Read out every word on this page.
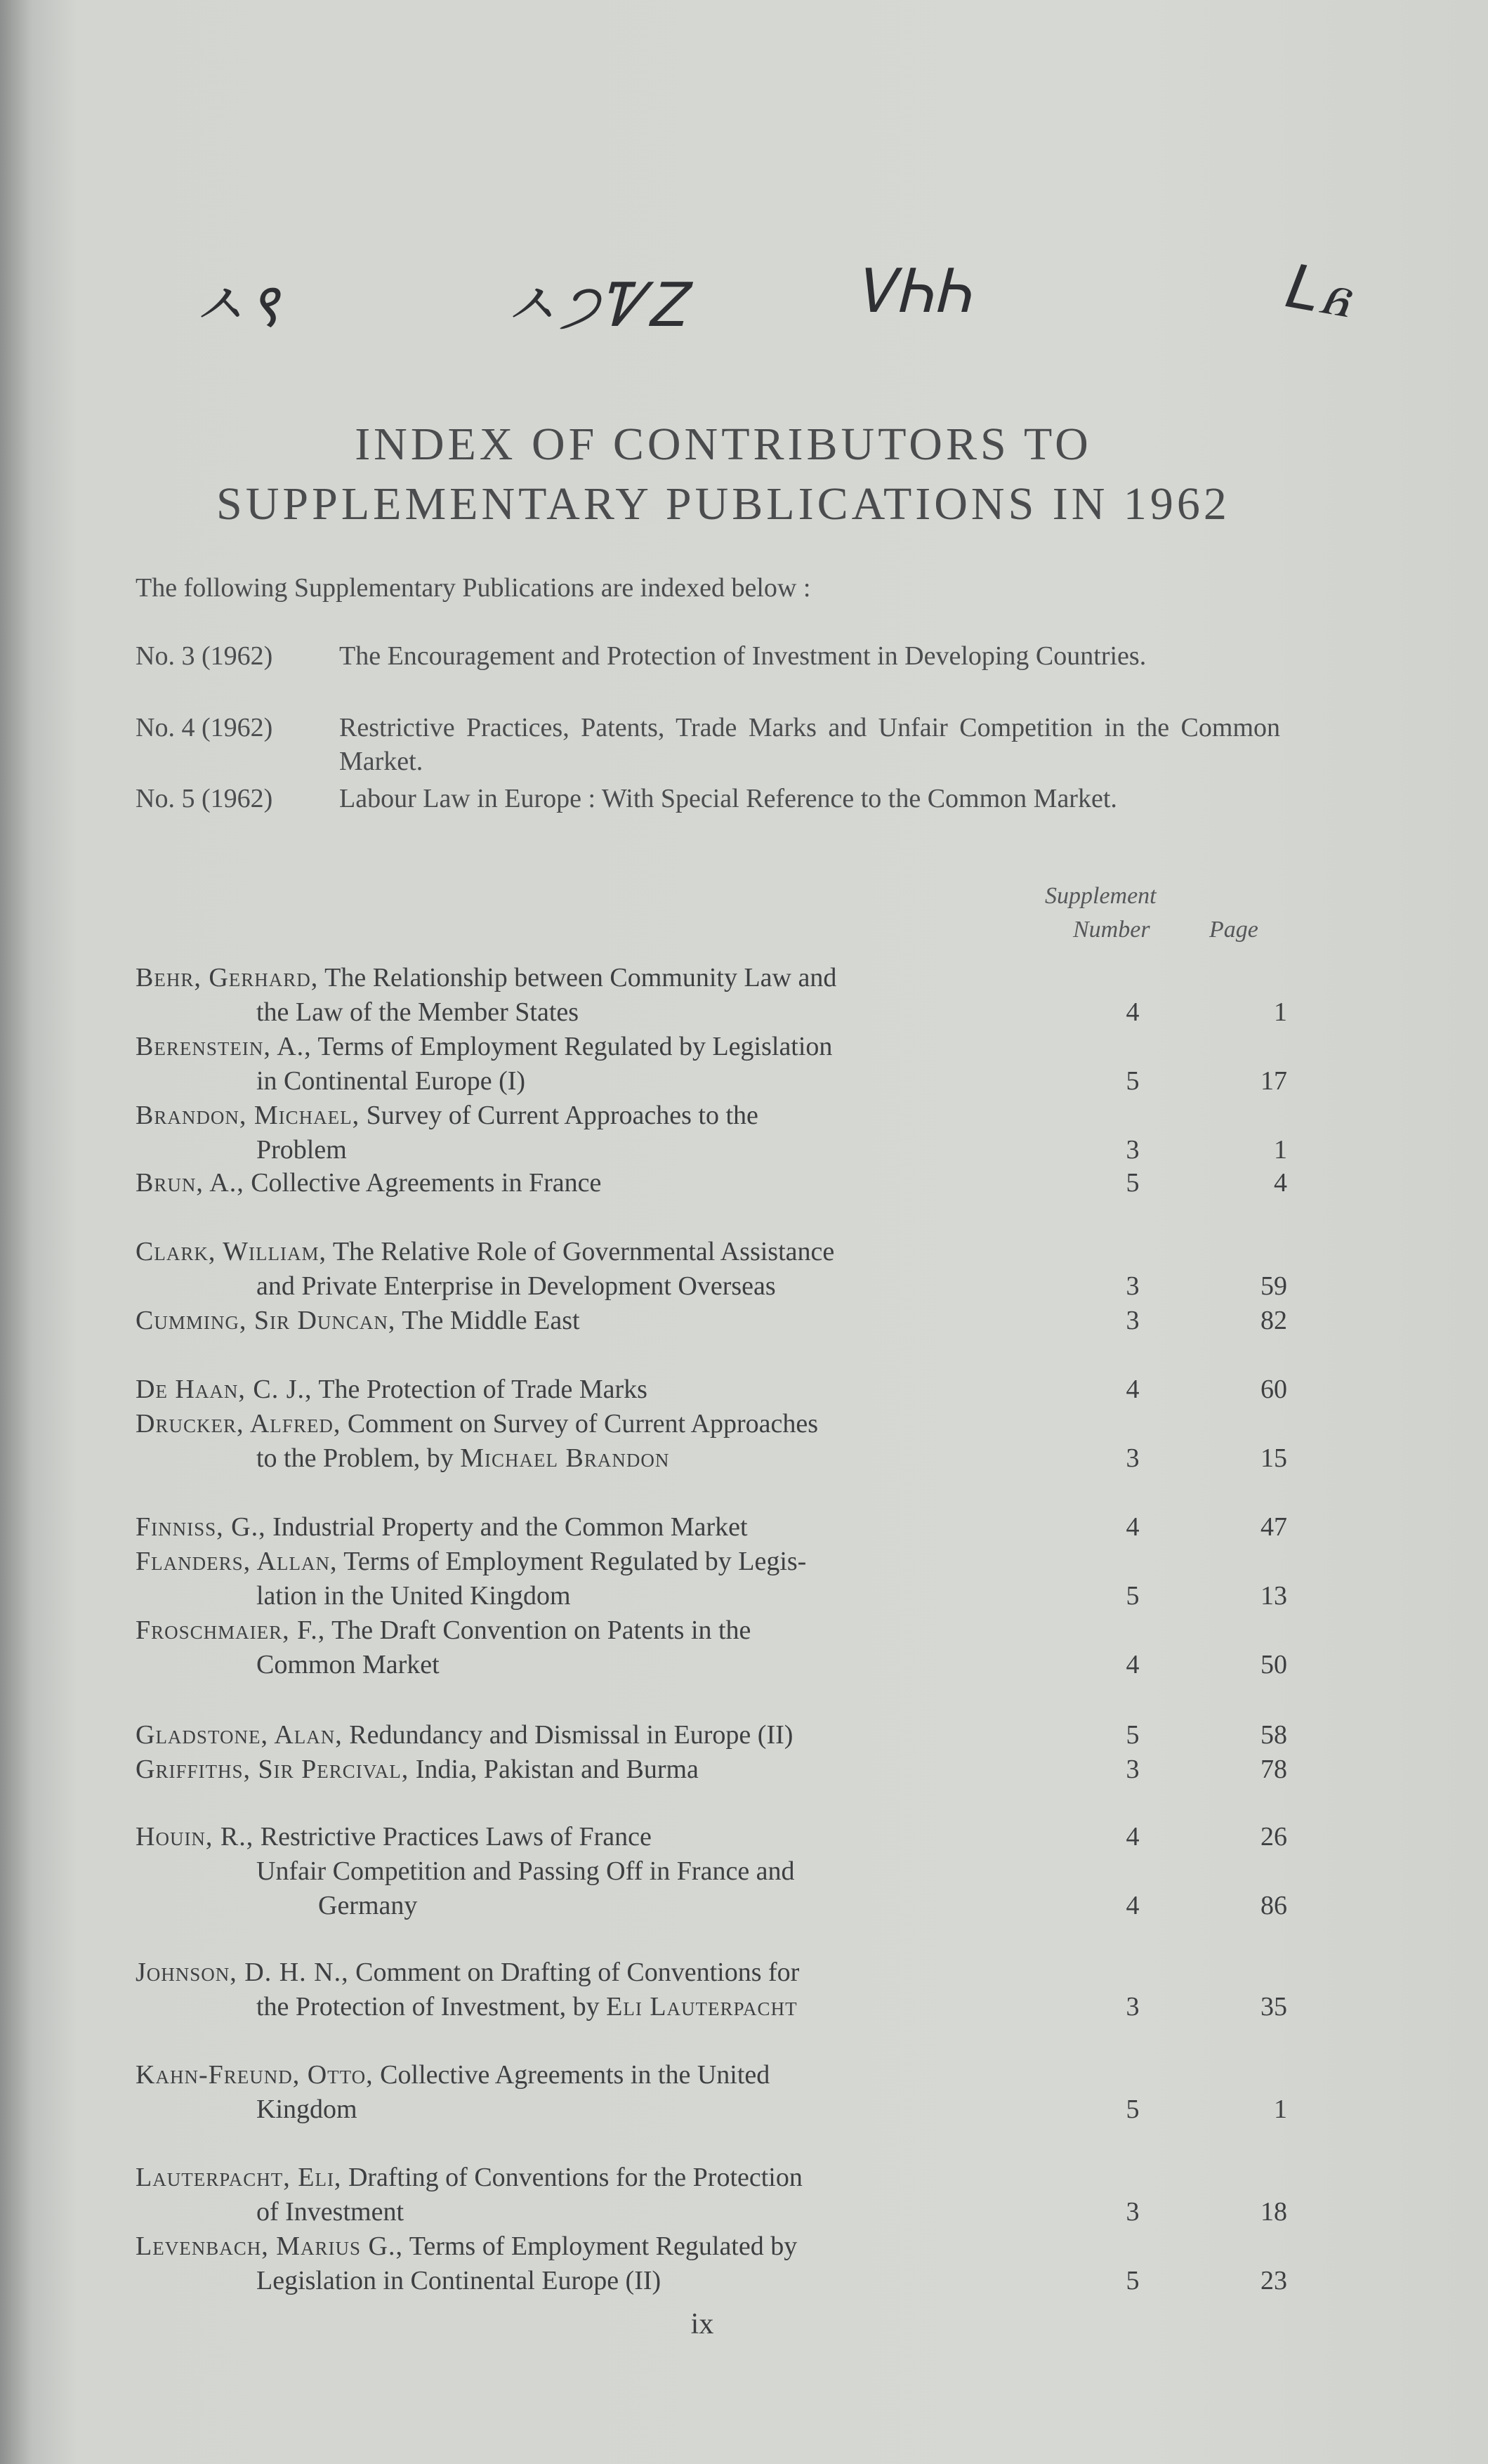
ㅅ९	ㅅ੭ᏤᏃ	ᏙᏂᏂ	Lᏺ
INDEX OF CONTRIBUTORS TO
SUPPLEMENTARY PUBLICATIONS IN 1962
The following Supplementary Publications are indexed below :
No. 3 (1962) The Encouragement and Protection of Investment in Developing Countries.
No. 4 (1962) Restrictive Practices, Patents, Trade Marks and Unfair Competition in the Common Market.
No. 5 (1962) Labour Law in Europe : With Special Reference to the Common Market.
Supplement
Number Page
Behr, Gerhard, The Relationship between Community Law and
the Law of the Member States	4	1
Berenstein, A., Terms of Employment Regulated by Legislation
in Continental Europe (I)	5	17
Brandon, Michael, Survey of Current Approaches to the
Problem	3	1
Brun, A., Collective Agreements in France	5	4
Clark, William, The Relative Role of Governmental Assistance
and Private Enterprise in Development Overseas	3	59
Cumming, Sir Duncan, The Middle East	3	82
De Haan, C. J., The Protection of Trade Marks	4	60
Drucker, Alfred, Comment on Survey of Current Approaches
to the Problem, by Michael Brandon	3	15
Finniss, G., Industrial Property and the Common Market	4	47
Flanders, Allan, Terms of Employment Regulated by Legis-
lation in the United Kingdom	5	13
Froschmaier, F., The Draft Convention on Patents in the
Common Market	4	50
Gladstone, Alan, Redundancy and Dismissal in Europe (II)	5	58
Griffiths, Sir Percival, India, Pakistan and Burma	3	78
Houin, R., Restrictive Practices Laws of France	4	26
Unfair Competition and Passing Off in France and
Germany	4	86
Johnson, D. H. N., Comment on Drafting of Conventions for
the Protection of Investment, by Eli Lauterpacht	3	35
Kahn-Freund, Otto, Collective Agreements in the United
Kingdom	5	1
Lauterpacht, Eli, Drafting of Conventions for the Protection
of Investment	3	18
Levenbach, Marius G., Terms of Employment Regulated by
Legislation in Continental Europe (II)	5	23
ix
